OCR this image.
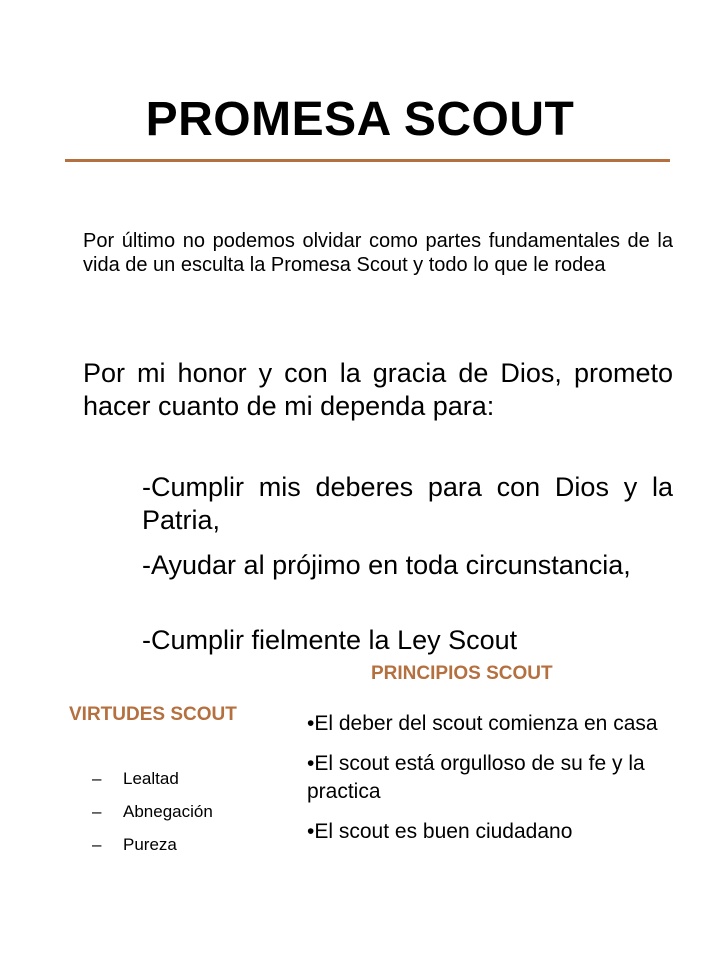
PROMESA SCOUT

Por último no podemos olvidar como partes fundamentales de la vida de un esculta la Promesa Scout y todo lo que le rodea

Por mi honor y con la gracia de Dios, prometo hacer cuanto de mi dependa para:

-Cumplir mis deberes para con Dios y la Patria,

-Ayudar al prójimo en toda circunstancia,

-Cumplir fielmente la Ley Scout

PRINCIPIOS SCOUT
•El deber del scout comienza en casa
•El scout está orgulloso de su fe y la practica
•El scout es buen ciudadano
VIRTUDES SCOUT
–	Lealtad
–	Abnegación
–	Pureza
